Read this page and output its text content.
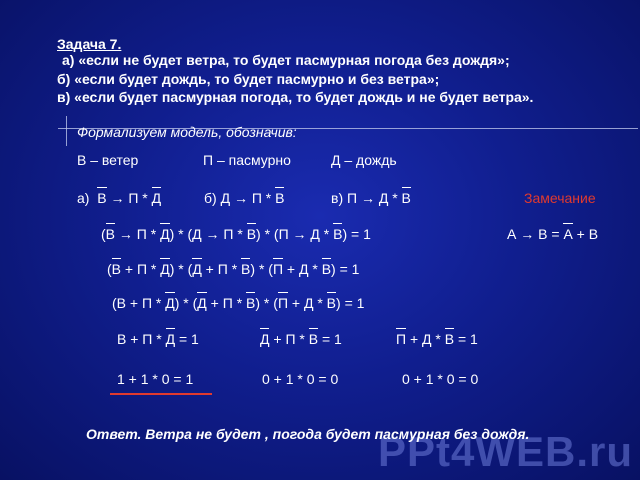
Задача 7.
а) «если не будет ветра, то будет пасмурная погода без дождя»;
б) «если будет дождь, то будет пасмурно и без ветра»;
в) «если будет пасмурная погода, то будет дождь и не будет ветра».
Формализуем модель, обозначив:
В – ветер	П – пасмурно	Д – дождь
а) В → П * Д	б) Д → П * В	в) П → Д * В	Замечание
А → В = А + В
(В → П * Д) * (Д → П * В) * (П → Д * В) = 1
(В + П * Д) * (Д + П * В) * (П + Д * В) = 1
(В + П * Д) * (Д + П * В) * (П + Д * В) = 1
В + П * Д = 1	Д + П * В = 1	П + Д * В = 1
1 + 1 * 0 = 1	0 + 1 * 0 = 0	0 + 1 * 0 = 0
PPt4WEB.ru
Ответ. Ветра не будет , погода будет пасмурная без дождя.
